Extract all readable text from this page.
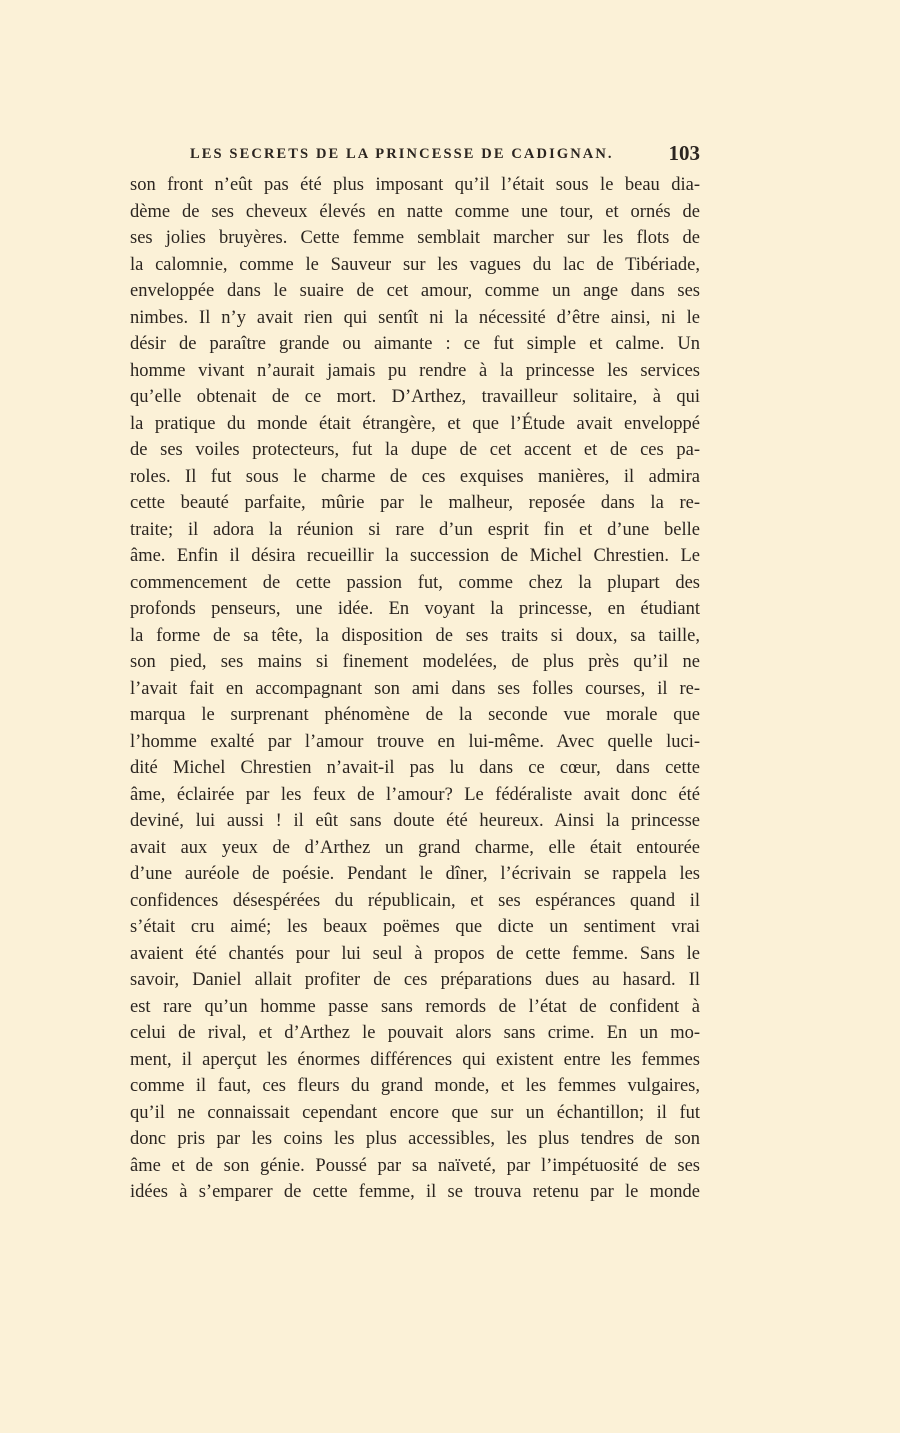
LES SECRETS DE LA PRINCESSE DE CADIGNAN.	103
son front n’eût pas été plus imposant qu’il l’était sous le beau dia-
dème de ses cheveux élevés en natte comme une tour, et ornés de
ses jolies bruyères. Cette femme semblait marcher sur les flots de
la calomnie, comme le Sauveur sur les vagues du lac de Tibériade,
enveloppée dans le suaire de cet amour, comme un ange dans ses
nimbes. Il n’y avait rien qui sentît ni la nécessité d’être ainsi, ni le
désir de paraître grande ou aimante : ce fut simple et calme. Un
homme vivant n’aurait jamais pu rendre à la princesse les services
qu’elle obtenait de ce mort. D’Arthez, travailleur solitaire, à qui
la pratique du monde était étrangère, et que l’Étude avait enveloppé
de ses voiles protecteurs, fut la dupe de cet accent et de ces pa-
roles. Il fut sous le charme de ces exquises manières, il admira
cette beauté parfaite, mûrie par le malheur, reposée dans la re-
traite; il adora la réunion si rare d’un esprit fin et d’une belle
âme. Enfin il désira recueillir la succession de Michel Chrestien. Le
commencement de cette passion fut, comme chez la plupart des
profonds penseurs, une idée. En voyant la princesse, en étudiant
la forme de sa tête, la disposition de ses traits si doux, sa taille,
son pied, ses mains si finement modelées, de plus près qu’il ne
l’avait fait en accompagnant son ami dans ses folles courses, il re-
marqua le surprenant phénomène de la seconde vue morale que
l’homme exalté par l’amour trouve en lui-même. Avec quelle luci-
dité Michel Chrestien n’avait-il pas lu dans ce cœur, dans cette
âme, éclairée par les feux de l’amour? Le fédéraliste avait donc été
deviné, lui aussi ! il eût sans doute été heureux. Ainsi la princesse
avait aux yeux de d’Arthez un grand charme, elle était entourée
d’une auréole de poésie. Pendant le dîner, l’écrivain se rappela les
confidences désespérées du républicain, et ses espérances quand il
s’était cru aimé; les beaux poëmes que dicte un sentiment vrai
avaient été chantés pour lui seul à propos de cette femme. Sans le
savoir, Daniel allait profiter de ces préparations dues au hasard. Il
est rare qu’un homme passe sans remords de l’état de confident à
celui de rival, et d’Arthez le pouvait alors sans crime. En un mo-
ment, il aperçut les énormes différences qui existent entre les femmes
comme il faut, ces fleurs du grand monde, et les femmes vulgaires,
qu’il ne connaissait cependant encore que sur un échantillon; il fut
donc pris par les coins les plus accessibles, les plus tendres de son
âme et de son génie. Poussé par sa naïveté, par l’impétuosité de ses
idées à s’emparer de cette femme, il se trouva retenu par le monde
